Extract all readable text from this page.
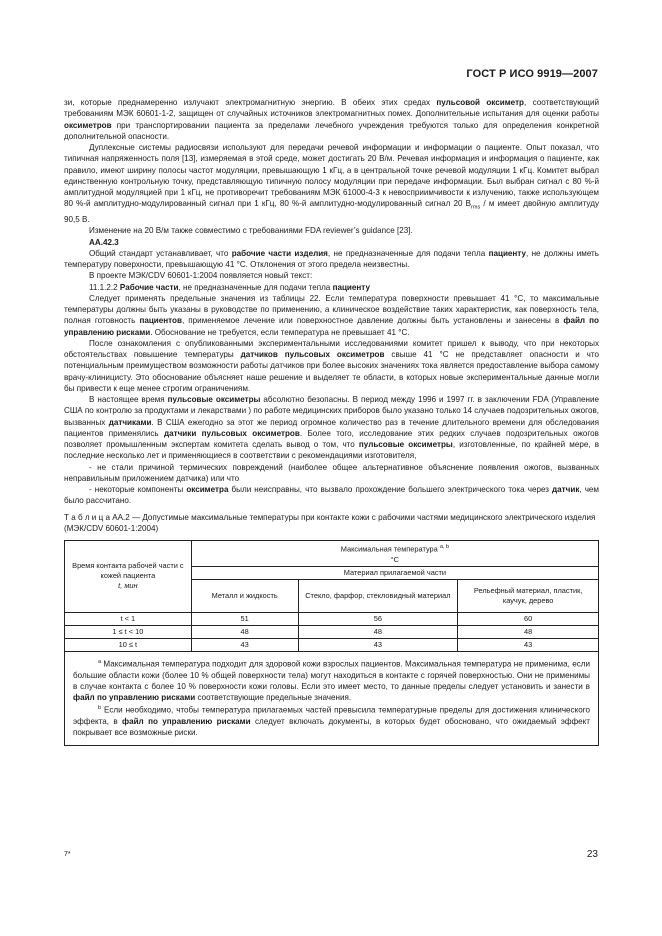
ГОСТ Р ИСО 9919—2007

зи, которые преднамеренно излучают электромагнитную энергию. В обеих этих средах пульсовой оксиметр, соответствующий требованиям МЭК 60601-1-2, защищен от случайных источников электромагнитных помех. Дополнительные испытания для оценки работы оксиметров при транспортировании пациента за пределами лечебного учреждения требуются только для определения конкретной дополнительной опасности.

Дуплексные системы радиосвязи используют для передачи речевой информации и информации о пациенте. Опыт показал, что типичная напряженность поля [13], измеряемая в этой среде, может достигать 20 В/м. Речевая информация и информация о пациенте, как правило, имеют ширину полосы частот модуляции, превышающую 1 кГц, а в центральной точке речевой модуляции 1 кГц. Комитет выбрал единственную контрольную точку, представляющую типичную полосу модуляции при передаче информации. Был выбран сигнал с 80 %-й амплитудной модуляцией при 1 кГц, не противоречит требованиям МЭК 61000-4-3 к невосприимчивости к излучению, также использующем 80 %-й амплитудно-модулированный сигнал при 1 кГц, 80 %-й амплитудно-модулированный сигнал 20 $В_{rms}$ / м имеет двойную амплитуду 90,5 В.

Изменение на 20 В/м также совместимо с требованиями FDA reviewer’s guidance [23].

АА.42.3

Общий стандарт устанавливает, что рабочие части изделия, не предназначенные для подачи тепла пациенту, не должны иметь температуру поверхности, превышающую 41 °С. Отклонения от этого предела неизвестны.

В проекте МЭК/CDV 60601-1:2004 появляется новый текст:

11.1.2.2 Рабочие части, не предназначенные для подачи тепла пациенту

Следует применять предельные значения из таблицы 22. Если температура поверхности превышает 41 °С, то максимальные температуры должны быть указаны в руководстве по применению, а клиническое воздействие таких характеристик, как поверхность тела, полная готовность пациентов, применяемое лечение или поверхностное давление должны быть установлены и занесены в файл по управлению рисками. Обоснование не требуется, если температура не превышает 41 °С.

После ознакомления с опубликованными экспериментальными исследованиями комитет пришел к выводу, что при некоторых обстоятельствах повышение температуры датчиков пульсовых оксиметров свыше 41 °С не представляет опасности и что потенциальным преимуществом возможности работы датчиков при более высоких значениях тока является предоставление выбора самому врачу-клиницисту. Это обоснование объясняет наше решение и выделяет те области, в которых новые экспериментальные данные могли бы привести к еще менее строгим ограничениям.

В настоящее время пульсовые оксиметры абсолютно безопасны. В период между 1996 и 1997 гг. в заключении FDA (Управление США по контролю за продуктами и лекарствами ) по работе медицинских приборов было указано только 14 случаев подозрительных ожогов, вызванных датчиками. В США ежегодно за этот же период огромное количество раз в течение длительного времени для обследования пациентов применялись датчики пульсовых оксиметров. Более того, исследование этих редких случаев подозрительных ожогов позволяет промышленным экспертам комитета сделать вывод о том, что пульсовые оксиметры, изготовленные, по крайней мере, в последние несколько лет и применяющиеся в соответствии с рекомендациями изготовителя,

- не стали причиной термических повреждений (наиболее общее альтернативное объяснение появления ожогов, вызванных неправильным приложением датчика) или что

- некоторые компоненты оксиметра были неисправны, что вызвало прохождение большего электрического тока через датчик, чем было рассчитано.

Т а б л и ц а АА.2 — Допустимые максимальные температуры при контакте кожи с рабочими частями медицинского электрического изделия (МЭК/CDV 60601-1:2004)

Время контакта рабочей части с кожей пациента
t, мин	Максимальная температура $^{а, b}$
°С		
	Материал прилагаемой части		
	Металл и жидкость	Стекло, фарфор, стекловидный материал	Рельефный материал, пластик, каучук, дерево
t < 1	51	56	60
1 ≤ t < 10	48	48	48
10 ≤ t	43	43	43

$^а$ Максимальная температура подходит для здоровой кожи взрослых пациентов. Максимальная температура не применима, если большие области кожи (более 10 % общей поверхности тела) могут находиться в контакте с горячей поверхностью. Они не применимы в случае контакта с более 10 % поверхности кожи головы. Если это имеет место, то данные пределы следует установить и занести в файл по управлению рисками соответствующие предельные значения.

$^b$ Если необходимо, чтобы температура прилагаемых частей превысила температурные пределы для достижения клинического эффекта, в файл по управлению рисками следует включать документы, в которых будет обосновано, что ожидаемый эффект покрывает все возможные риски.

7*	23
